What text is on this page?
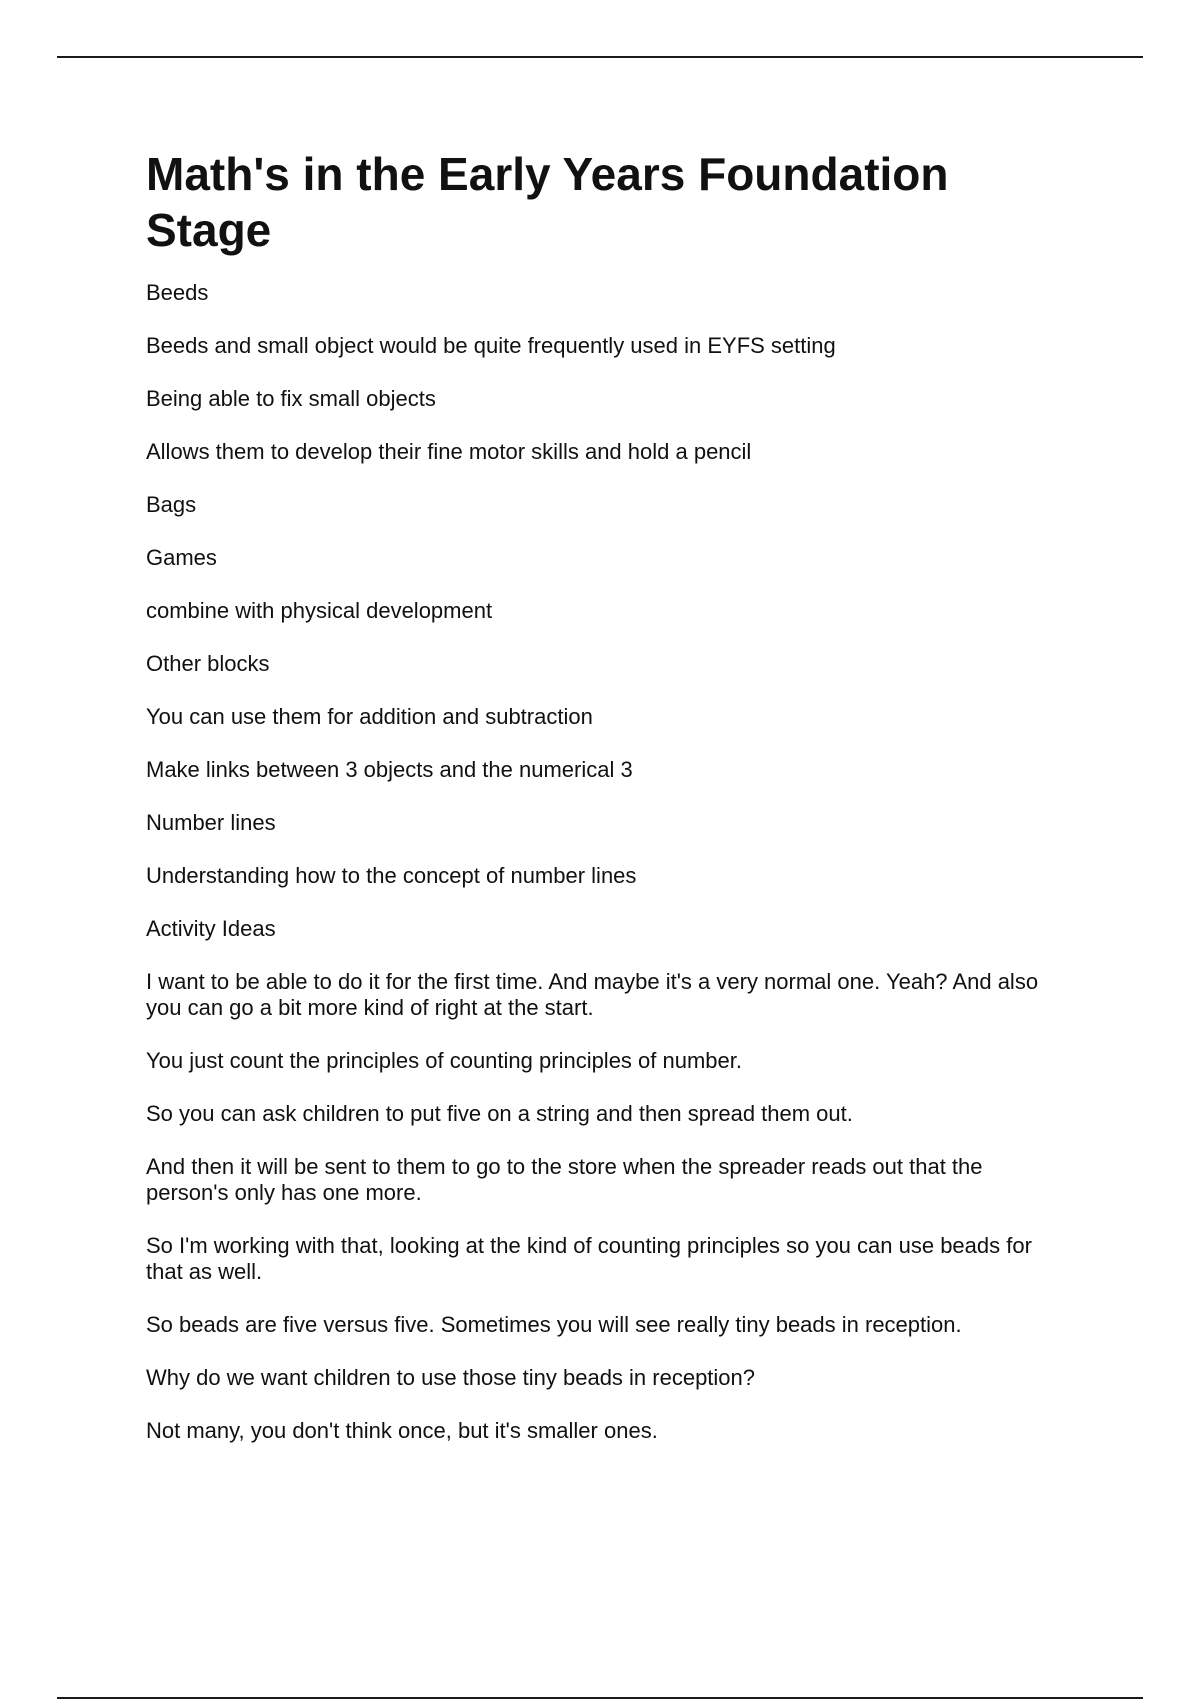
Math's in the Early Years Foundation Stage

Beeds

Beeds and small object would be quite frequently used in EYFS setting

Being able to fix small objects

Allows them to develop their fine motor skills and hold a pencil

Bags

Games

combine with physical development

Other blocks

You can use them for addition and subtraction

Make links between 3 objects and the numerical 3

Number lines

Understanding how to the concept of number lines

Activity Ideas

I want to be able to do it for the first time. And maybe it's a very normal one. Yeah? And also you can go a bit more kind of right at the start.

You just count the principles of counting principles of number.

So you can ask children to put five on a string and then spread them out.

And then it will be sent to them to go to the store when the spreader reads out that the person's only has one more.

So I'm working with that, looking at the kind of counting principles so you can use beads for that as well.

So beads are five versus five. Sometimes you will see really tiny beads in reception.

Why do we want children to use those tiny beads in reception?

Not many, you don't think once, but it's smaller ones.
